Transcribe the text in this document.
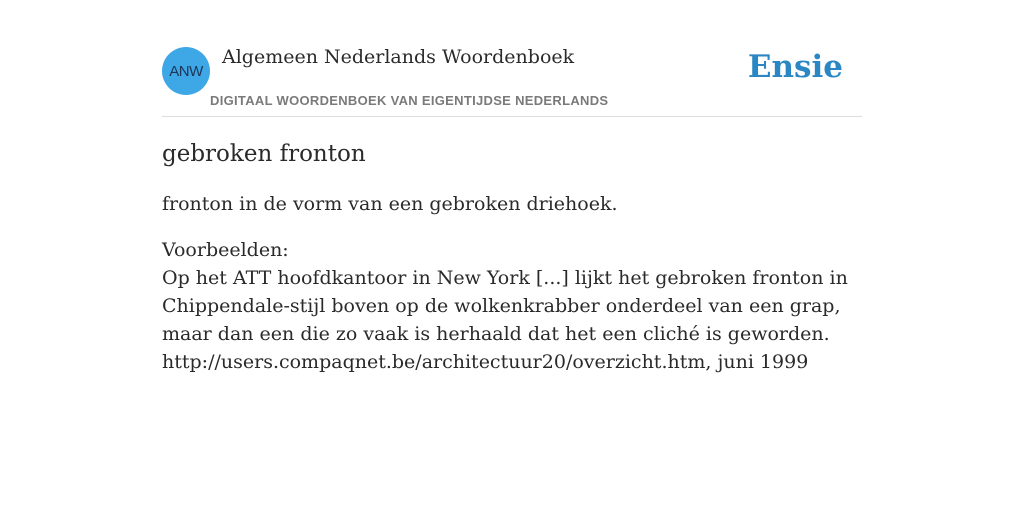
ANW
Algemeen Nederlands Woordenboek
DIGITAAL WOORDENBOEK VAN EIGENTIJDSE NEDERLANDS
Ensie
gebroken fronton

fronton in de vorm van een gebroken driehoek.

Voorbeelden:
Op het ATT hoofdkantoor in New York [...] lijkt het gebroken fronton in Chippendale-stijl boven op de wolkenkrabber onderdeel van een grap, maar dan een die zo vaak is herhaald dat het een cliché is geworden.
http://users.compaqnet.be/architectuur20/overzicht.htm, juni 1999
